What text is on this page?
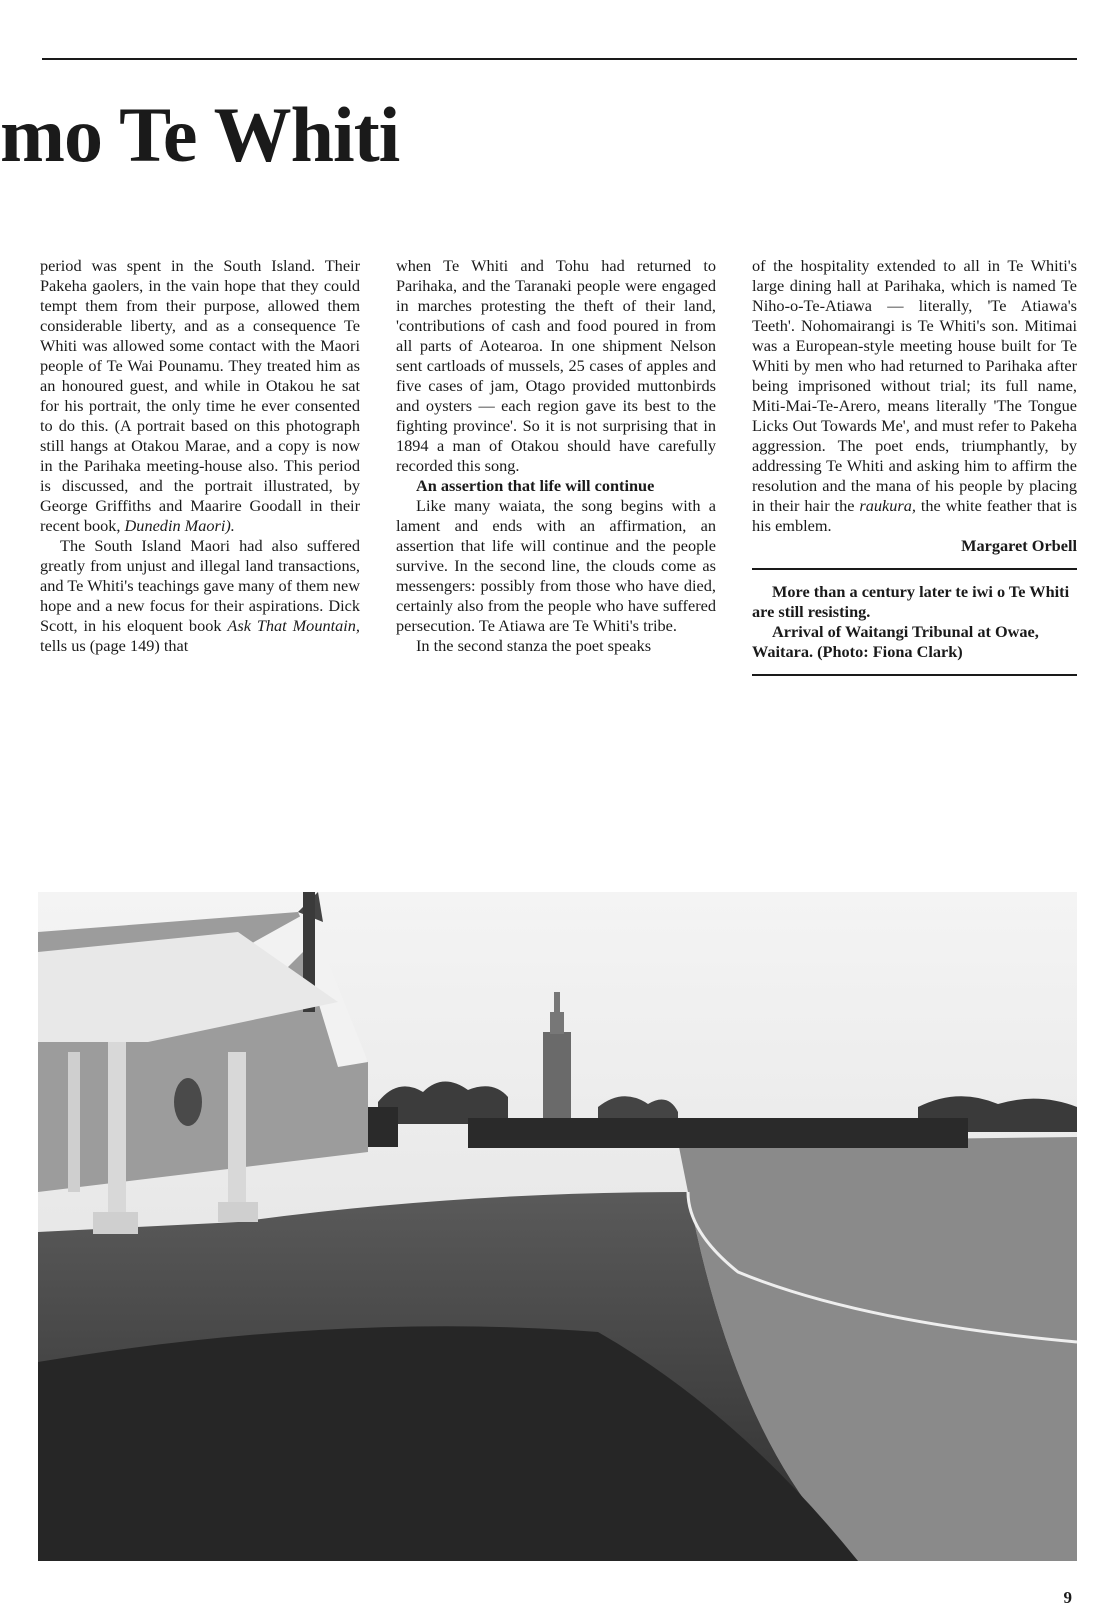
mo Te Whiti

period was spent in the South Island. Their Pakeha gaolers, in the vain hope that they could tempt them from their purpose, allowed them considerable liberty, and as a consequence Te Whiti was allowed some contact with the Maori people of Te Wai Pounamu. They treated him as an honoured guest, and while in Otakou he sat for his portrait, the only time he ever consented to do this. (A portrait based on this photograph still hangs at Otakou Marae, and a copy is now in the Parihaka meeting-house also. This period is discussed, and the portrait illustrated, by George Griffiths and Maarire Goodall in their recent book, Dunedin Maori).

The South Island Maori had also suffered greatly from unjust and illegal land transactions, and Te Whiti's teachings gave many of them new hope and a new focus for their aspirations. Dick Scott, in his eloquent book Ask That Mountain, tells us (page 149) that

when Te Whiti and Tohu had returned to Parihaka, and the Taranaki people were engaged in marches protesting the theft of their land, 'contributions of cash and food poured in from all parts of Aotearoa. In one shipment Nelson sent cartloads of mussels, 25 cases of apples and five cases of jam, Otago provided muttonbirds and oysters — each region gave its best to the fighting province'. So it is not surprising that in 1894 a man of Otakou should have carefully recorded this song.

An assertion that life will continue

Like many waiata, the song begins with a lament and ends with an affirmation, an assertion that life will continue and the people survive. In the second line, the clouds come as messengers: possibly from those who have died, certainly also from the people who have suffered persecution. Te Atiawa are Te Whiti's tribe.

In the second stanza the poet speaks

of the hospitality extended to all in Te Whiti's large dining hall at Parihaka, which is named Te Niho-o-Te-Atiawa — literally, 'Te Atiawa's Teeth'. Nohomairangi is Te Whiti's son. Mitimai was a European-style meeting house built for Te Whiti by men who had returned to Parihaka after being imprisoned without trial; its full name, Miti-Mai-Te-Arero, means literally 'The Tongue Licks Out Towards Me', and must refer to Pakeha aggression. The poet ends, triumphantly, by addressing Te Whiti and asking him to affirm the resolution and the mana of his people by placing in their hair the raukura, the white feather that is his emblem.

Margaret Orbell

More than a century later te iwi o Te Whiti are still resisting.

Arrival of Waitangi Tribunal at Owae, Waitara. (Photo: Fiona Clark)

9
